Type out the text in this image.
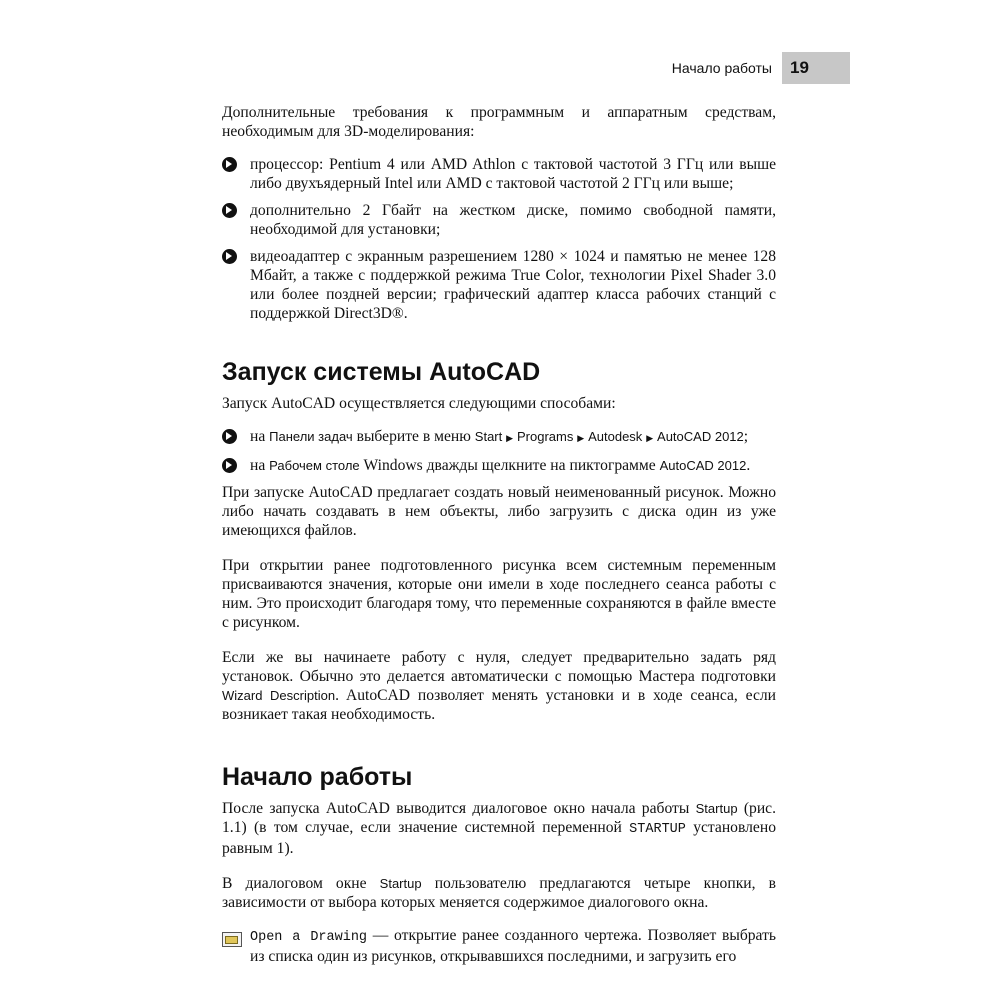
Начало работы	19

Дополнительные требования к программным и аппаратным средствам, необходимым для 3D-моделирования:

процессор: Pentium 4 или AMD Athlon с тактовой частотой 3 ГГц или выше либо двухъядерный Intel или AMD с тактовой частотой 2 ГГц или выше;
дополнительно 2 Гбайт на жестком диске, помимо свободной памяти, необходимой для установки;
видеоадаптер с экранным разрешением 1280 × 1024 и памятью не менее 128 Мбайт, а также с поддержкой режима True Color, технологии Pixel Shader 3.0 или более поздней версии; графический адаптер класса рабочих станций с поддержкой Direct3D®.
Запуск системы AutoCAD

Запуск AutoCAD осуществляется следующими способами:

на Панели задач выберите в меню Start ▶ Programs ▶ Autodesk ▶ AutoCAD 2012;
на Рабочем столе Windows дважды щелкните на пиктограмме AutoCAD 2012.

При запуске AutoCAD предлагает создать новый неименованный рисунок. Можно либо начать создавать в нем объекты, либо загрузить с диска один из уже имеющихся файлов.

При открытии ранее подготовленного рисунка всем системным переменным присваиваются значения, которые они имели в ходе последнего сеанса работы с ним. Это происходит благодаря тому, что переменные сохраняются в файле вместе с рисунком.

Если же вы начинаете работу с нуля, следует предварительно задать ряд установок. Обычно это делается автоматически с помощью Мастера подготовки Wizard Description. AutoCAD позволяет менять установки и в ходе сеанса, если возникает такая необходимость.

Начало работы

После запуска AutoCAD выводится диалоговое окно начала работы Startup (рис. 1.1) (в том случае, если значение системной переменной STARTUP установлено равным 1).

В диалоговом окне Startup пользователю предлагаются четыре кнопки, в зависимости от выбора которых меняется содержимое диалогового окна.

Open a Drawing — открытие ранее созданного чертежа. Позволяет выбрать из списка один из рисунков, открывавшихся последними, и загрузить его
